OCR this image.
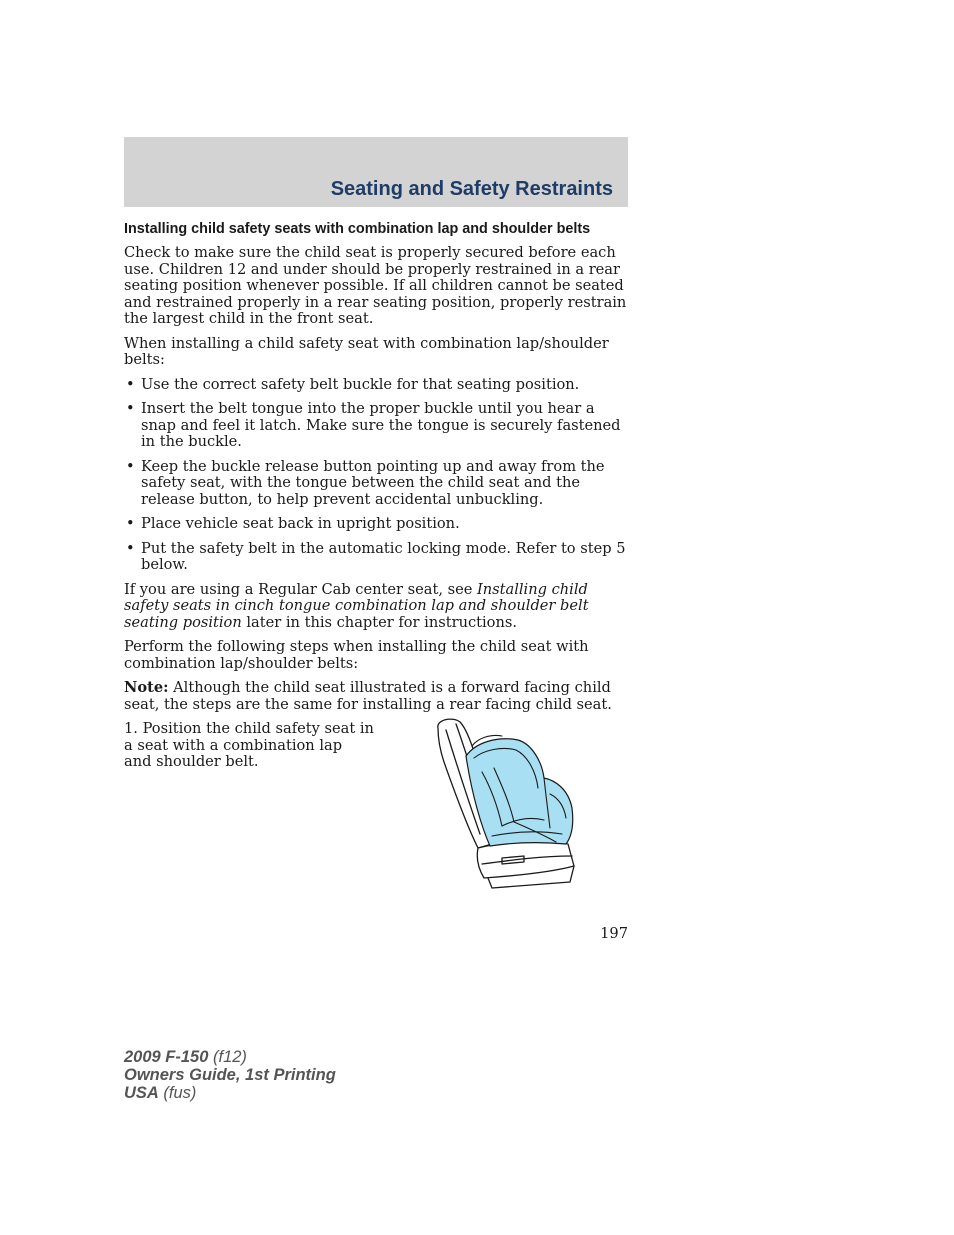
Seating and Safety Restraints
Installing child safety seats with combination lap and shoulder belts

Check to make sure the child seat is properly secured before each use. Children 12 and under should be properly restrained in a rear seating position whenever possible. If all children cannot be seated and restrained properly in a rear seating position, properly restrain the largest child in the front seat.

When installing a child safety seat with combination lap/shoulder belts:

• Use the correct safety belt buckle for that seating position.
• Insert the belt tongue into the proper buckle until you hear a snap and feel it latch. Make sure the tongue is securely fastened in the buckle.
• Keep the buckle release button pointing up and away from the safety seat, with the tongue between the child seat and the release button, to help prevent accidental unbuckling.
• Place vehicle seat back in upright position.
• Put the safety belt in the automatic locking mode. Refer to step 5 below.

If you are using a Regular Cab center seat, see Installing child safety seats in cinch tongue combination lap and shoulder belt seating position later in this chapter for instructions.

Perform the following steps when installing the child seat with combination lap/shoulder belts:

Note: Although the child seat illustrated is a forward facing child seat, the steps are the same for installing a rear facing child seat.

1. Position the child safety seat in a seat with a combination lap and shoulder belt.

197
2009 F-150 (f12)
Owners Guide, 1st Printing
USA (fus)
